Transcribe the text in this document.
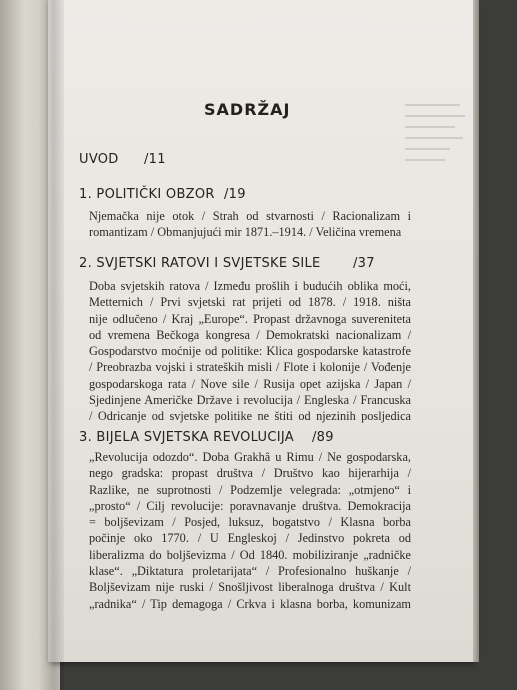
SADRŽAJ
UVOD /11
1. POLITIČKI OBZOR /19
Njemačka nije otok / Strah od stvarnosti / Racionalizam i
romantizam / Obmanjujući mir 1871.–1914. / Veličina vremena
2. SVJETSKI RATOVI I SVJETSKE SILE /37
Doba svjetskih ratova / Između prošlih i budućih oblika moći,
Metternich / Prvi svjetski rat prijeti od 1878. / 1918. ništa
nije odlučeno / Kraj „Europe“. Propast državnoga suvereniteta
od vremena Bečkoga kongresa / Demokratski nacionalizam /
Gospodarstvo moćnije od politike: Klica gospodarske katastrofe
/ Preobrazba vojski i strateških misli / Flote i kolonije / Vođenje
gospodarskoga rata / Nove sile / Rusija opet azijska / Japan /
Sjedinjene Američke Države i revolucija / Engleska / Francuska
/ Odricanje od svjetske politike ne štiti od njezinih posljedica
3. BIJELA SVJETSKA REVOLUCIJA /89
„Revolucija odozdo“. Doba Grakhâ u Rimu / Ne gospodarska,
nego gradska: propast društva / Društvo kao hijerarhija /
Razlike, ne suprotnosti / Podzemlje velegrada: „otmjeno“ i
„prosto“ / Cilj revolucije: poravnavanje društva. Demokracija
= boljševizam / Posjed, luksuz, bogatstvo / Klasna borba
počinje oko 1770. / U Engleskoj / Jedinstvo pokreta od
liberalizma do boljševizma / Od 1840. mobiliziranje „radničke
klase“. „Diktatura proletarijata“ / Profesionalno huškanje /
Boljševizam nije ruski / Snošljivost liberalnoga društva / Kult
„radnika“ / Tip demagoga / Crkva i klasna borba, komunizam
